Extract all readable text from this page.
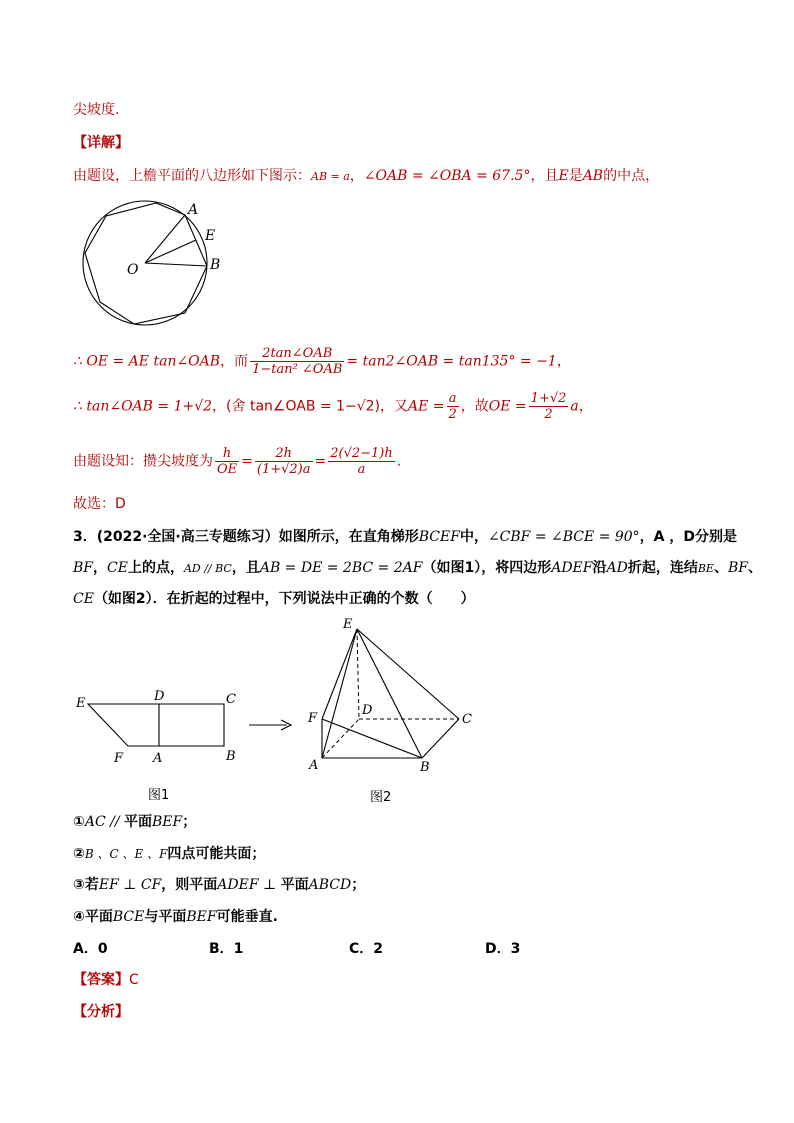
尖坡度.
【详解】
由题设，上檐平面的八边形如下图示：AB = a，∠OAB = ∠OBA = 67.5°，且E是AB的中点，
O
A
E
B
∴ OE = AE tan∠OAB，而 $\frac{\text{2tan∠OAB}}{\text{1−tan² ∠OAB}}$ = tan2∠OAB = tan135° = −1，
∴ tan∠OAB = 1+√2，(舍 tan∠OAB = 1−√2)，又AE = $\frac{a}{2}$ ，故OE = $\frac{1+√2}{2}$ a，
由题设知：攒尖坡度为 $\frac{h}{OE} = \frac{2h}{(1+√2)a} = \frac{2(√2-1)h}{a}$ .
故选：D
3．(2022·全国·高三专题练习）如图所示，在直角梯形BCEF中，∠CBF = ∠BCE = 90°，A ，D分别是
BF，CE上的点，AD // BC，且AB = DE = 2BC = 2AF（如图1），将四边形ADEF沿AD折起，连结BE、BF、
CE（如图2）．在折起的过程中，下列说法中正确的个数（　　）
E	D	C
F A	B
图1
E
F
D
C
A	B
图2
①AC // 平面BEF；
②B 、C 、E 、F四点可能共面；
③若EF ⊥ CF，则平面ADEF ⊥ 平面ABCD；
④平面BCE与平面BEF可能垂直.
A．0	B．1	C．2	D．3
【答案】C
【分析】
